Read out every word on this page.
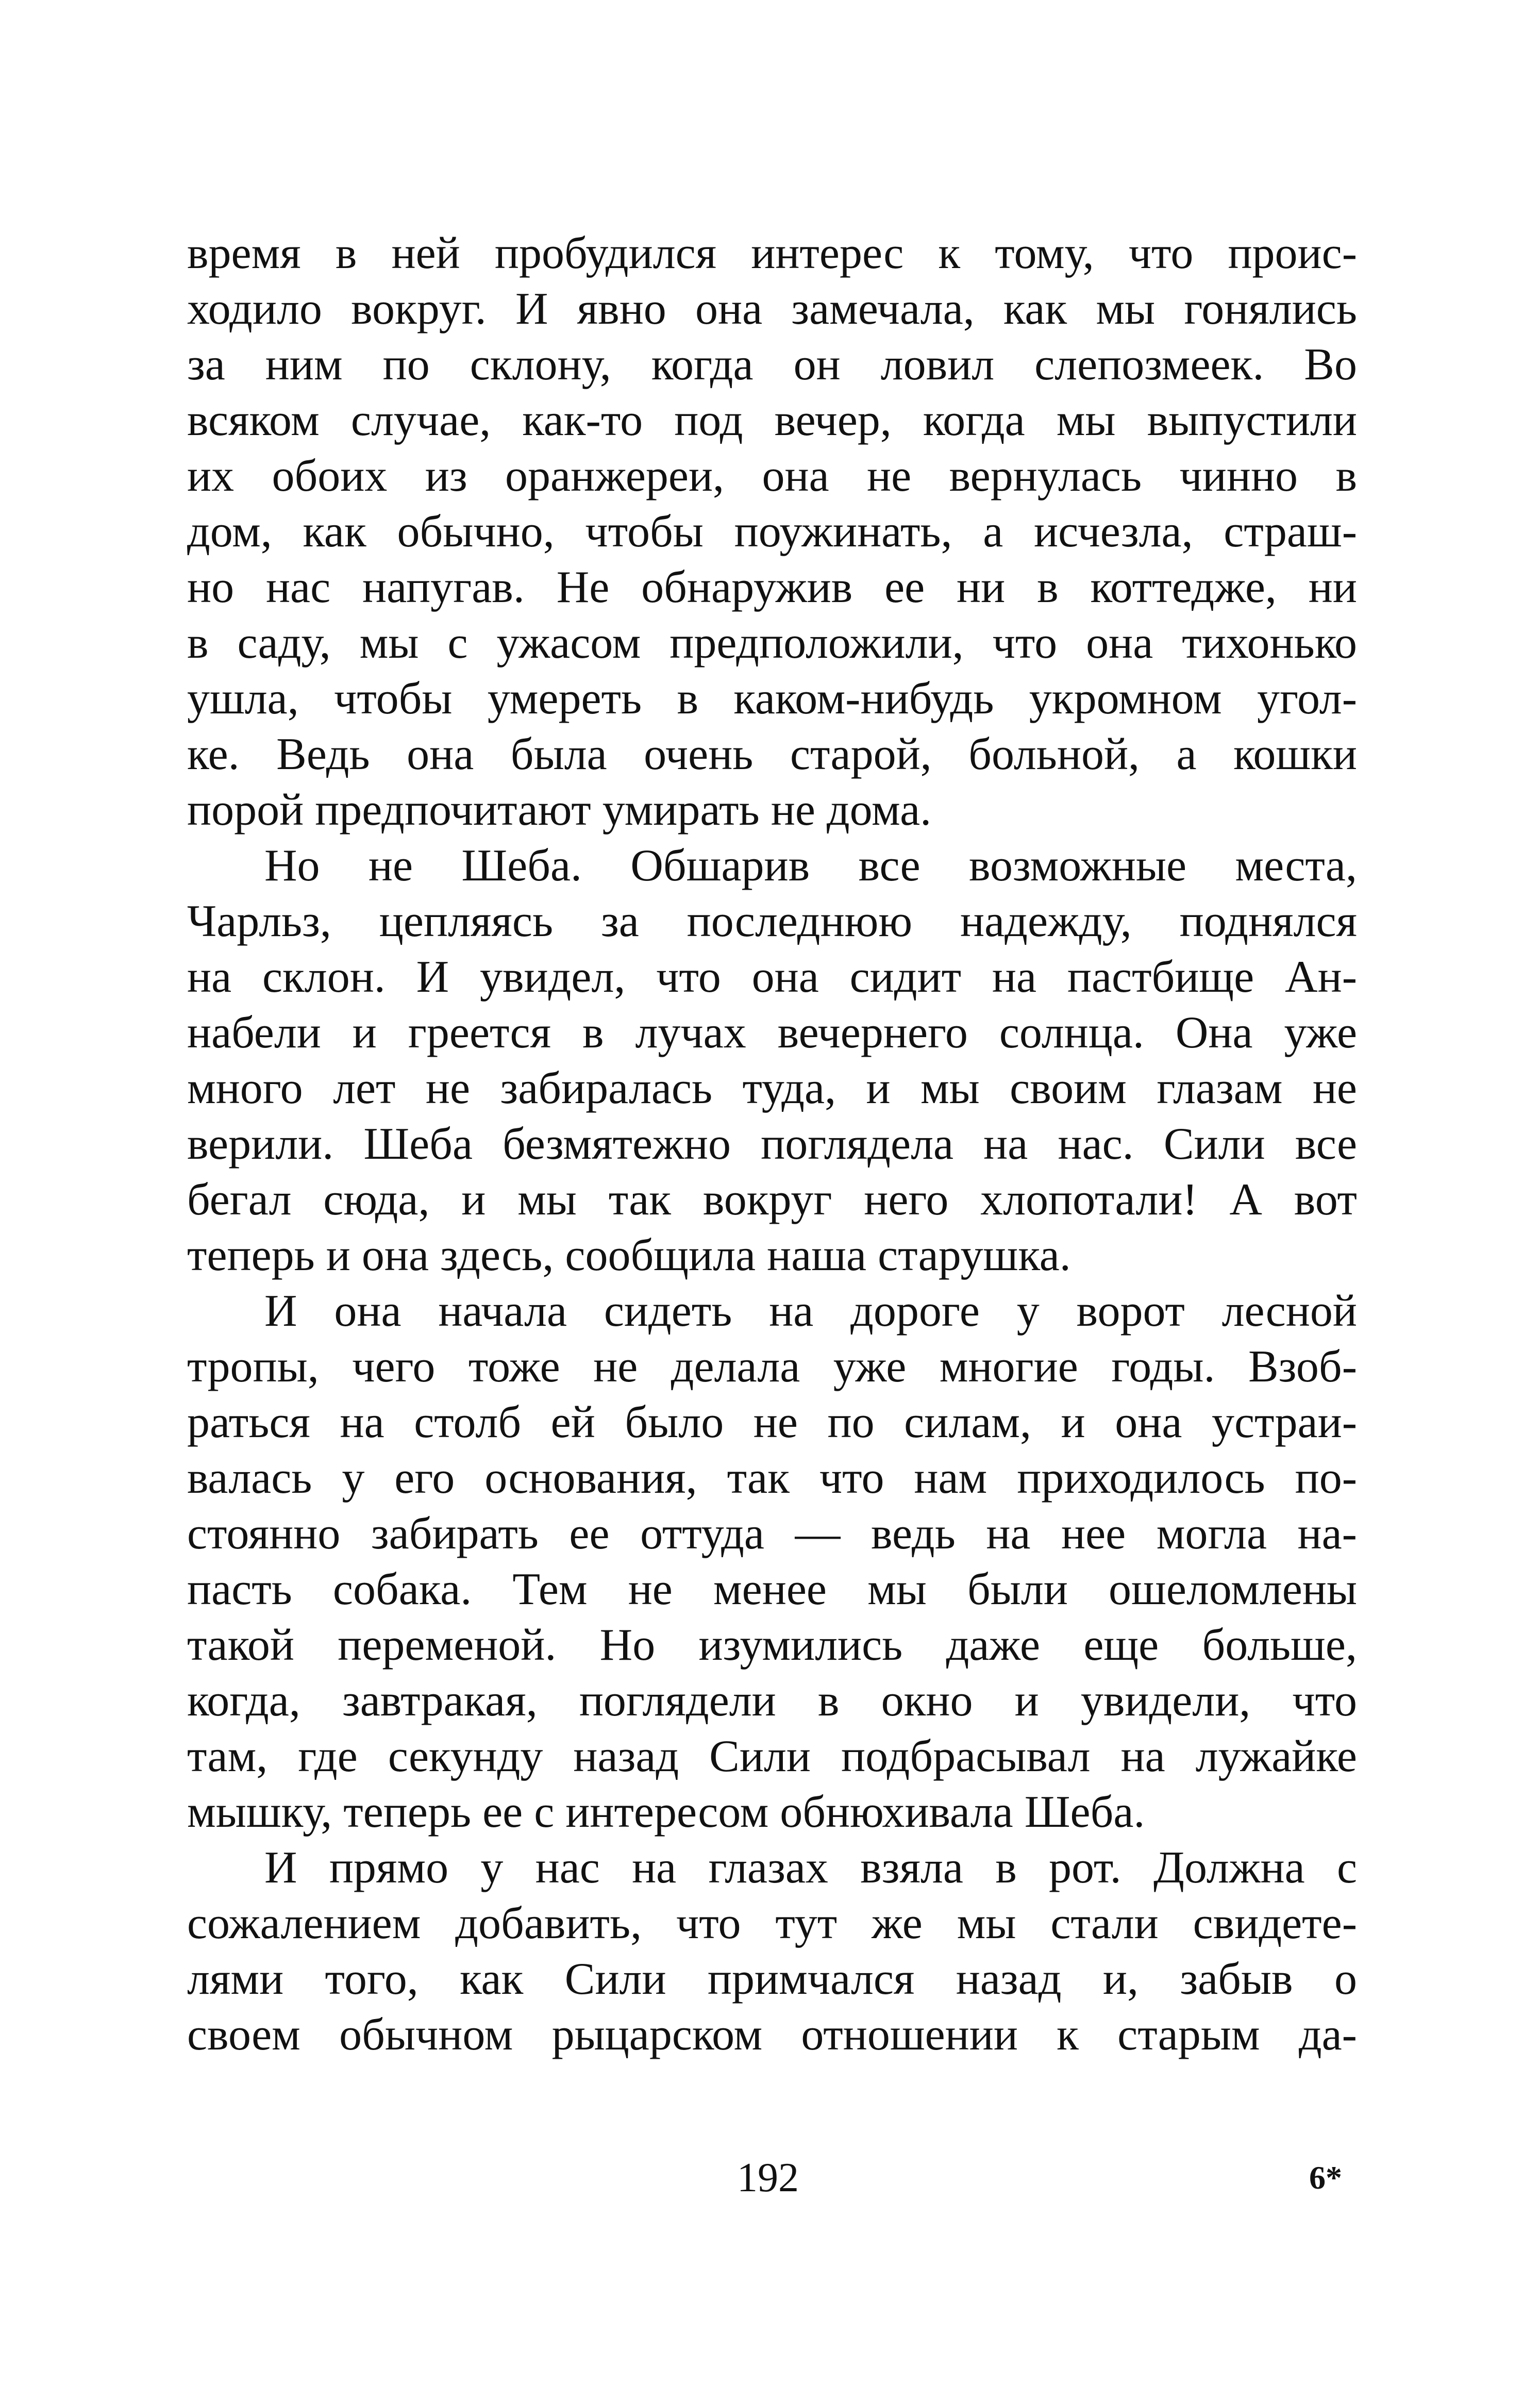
время в ней пробудился интерес к тому, что проис-
ходило вокруг. И явно она замечала, как мы гонялись
за ним по склону, когда он ловил слепозмеек. Во
всяком случае, как-то под вечер, когда мы выпустили
их обоих из оранжереи, она не вернулась чинно в
дом, как обычно, чтобы поужинать, а исчезла, страш-
но нас напугав. Не обнаружив ее ни в коттедже, ни
в саду, мы с ужасом предположили, что она тихонько
ушла, чтобы умереть в каком-нибудь укромном угол-
ке. Ведь она была очень старой, больной, а кошки
порой предпочитают умирать не дома.
Но не Шеба. Обшарив все возможные места,
Чарльз, цепляясь за последнюю надежду, поднялся
на склон. И увидел, что она сидит на пастбище Ан-
набели и греется в лучах вечернего солнца. Она уже
много лет не забиралась туда, и мы своим глазам не
верили. Шеба безмятежно поглядела на нас. Сили все
бегал сюда, и мы так вокруг него хлопотали! А вот
теперь и она здесь, сообщила наша старушка.
И она начала сидеть на дороге у ворот лесной
тропы, чего тоже не делала уже многие годы. Взоб-
раться на столб ей было не по силам, и она устраи-
валась у его основания, так что нам приходилось по-
стоянно забирать ее оттуда — ведь на нее могла на-
пасть собака. Тем не менее мы были ошеломлены
такой переменой. Но изумились даже еще больше,
когда, завтракая, поглядели в окно и увидели, что
там, где секунду назад Сили подбрасывал на лужайке
мышку, теперь ее с интересом обнюхивала Шеба.
И прямо у нас на глазах взяла в рот. Должна с
сожалением добавить, что тут же мы стали свидете-
лями того, как Сили примчался назад и, забыв о
своем обычном рыцарском отношении к старым да-
192	6*
